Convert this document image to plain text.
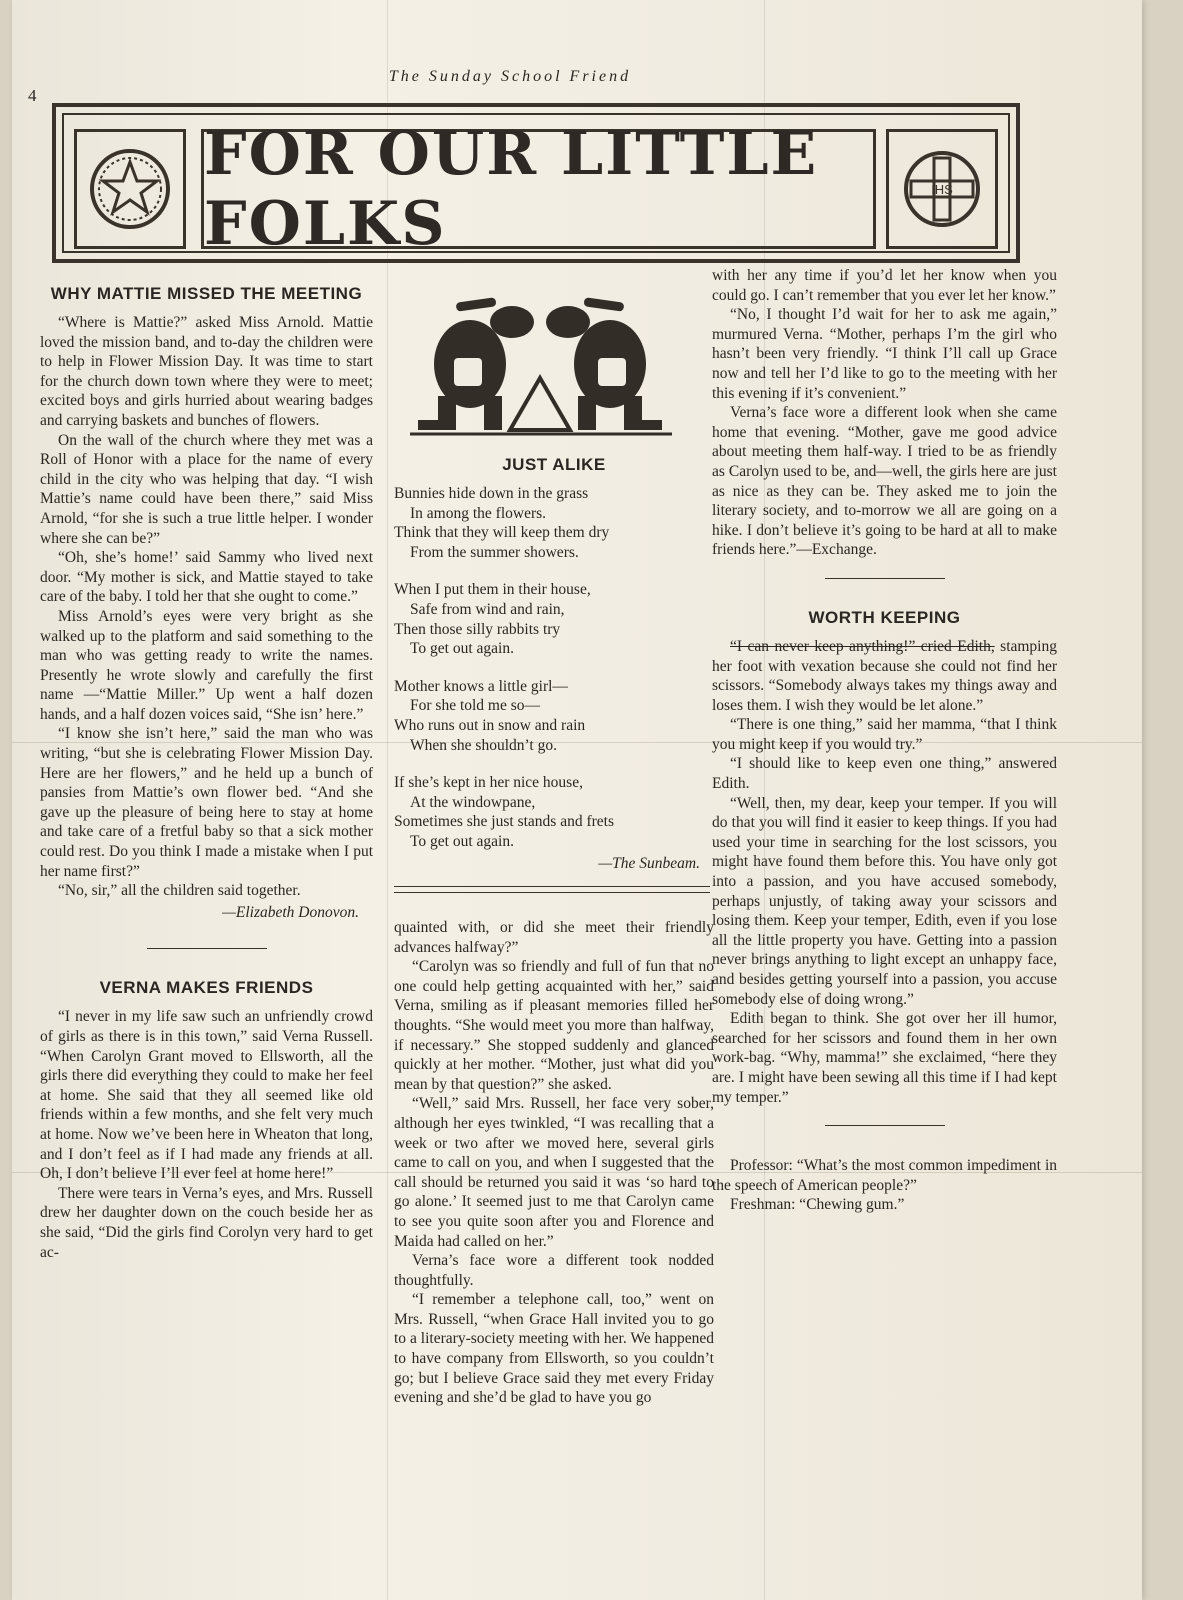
4
The Sunday School Friend
FOR OUR LITTLE FOLKS	IHS
WHY MATTIE MISSED THE MEETING

“Where is Mattie?” asked Miss Arnold. Mattie loved the mission band, and to-day the children were to help in Flower Mission Day. It was time to start for the church down town where they were to meet; excited boys and girls hurried about wearing badges and carrying baskets and bunches of flowers.

On the wall of the church where they met was a Roll of Honor with a place for the name of every child in the city who was helping that day. “I wish Mattie’s name could have been there,” said Miss Arnold, “for she is such a true little helper. I wonder where she can be?”

“Oh, she’s home!’ said Sammy who lived next door. “My mother is sick, and Mattie stayed to take care of the baby. I told her that she ought to come.”

Miss Arnold’s eyes were very bright as she walked up to the platform and said something to the man who was getting ready to write the names. Presently he wrote slowly and carefully the first name —“Mattie Miller.” Up went a half dozen hands, and a half dozen voices said, “She isn’ here.”

“I know she isn’t here,” said the man who was writing, “but she is celebrating Flower Mission Day. Here are her flowers,” and he held up a bunch of pansies from Mattie’s own flower bed. “And she gave up the pleasure of being here to stay at home and take care of a fretful baby so that a sick mother could rest. Do you think I made a mistake when I put her name first?”

“No, sir,” all the children said together.

—Elizabeth Donovon.
VERNA MAKES FRIENDS

“I never in my life saw such an unfriendly crowd of girls as there is in this town,” said Verna Russell. “When Carolyn Grant moved to Ellsworth, all the girls there did everything they could to make her feel at home. She said that they all seemed like old friends within a few months, and she felt very much at home. Now we’ve been here in Wheaton that long, and I don’t feel as if I had made any friends at all. Oh, I don’t believe I’ll ever feel at home here!”

There were tears in Verna’s eyes, and Mrs. Russell drew her daughter down on the couch beside her as she said, “Did the girls find Corolyn very hard to get ac-

JUST ALIKE
Bunnies hide down in the grass
In among the flowers.
Think that they will keep them dry
From the summer showers.
When I put them in their house,
Safe from wind and rain,
Then those silly rabbits try
To get out again.
Mother knows a little girl—
For she told me so—
Who runs out in snow and rain
When she shouldn’t go.
If she’s kept in her nice house,
At the windowpane,
Sometimes she just stands and frets
To get out again.
—The Sunbeam.

quainted with, or did she meet their friendly advances halfway?”

“Carolyn was so friendly and full of fun that no one could help getting acquainted with her,” said Verna, smiling as if pleasant memories filled her thoughts. “She would meet you more than halfway, if necessary.” She stopped suddenly and glanced quickly at her mother. “Mother, just what did you mean by that question?” she asked.

“Well,” said Mrs. Russell, her face very sober, although her eyes twinkled, “I was recalling that a week or two after we moved here, several girls came to call on you, and when I suggested that the call should be returned you said it was ‘so hard to go alone.’ It seemed just to me that Carolyn came to see you quite soon after you and Florence and Maida had called on her.”

Verna’s face wore a different took nodded thoughtfully.

“I remember a telephone call, too,” went on Mrs. Russell, “when Grace Hall invited you to go to a literary-society meeting with her. We happened to have company from Ellsworth, so you couldn’t go; but I believe Grace said they met every Friday evening and she’d be glad to have you go

with her any time if you’d let her know when you could go. I can’t remember that you ever let her know.”

“No, I thought I’d wait for her to ask me again,” murmured Verna. “Mother, perhaps I’m the girl who hasn’t been very friendly. “I think I’ll call up Grace now and tell her I’d like to go to the meeting with her this evening if it’s convenient.”

Verna’s face wore a different look when she came home that evening. “Mother, gave me good advice about meeting them half-way. I tried to be as friendly as Carolyn used to be, and—well, the girls here are just as nice as they can be. They asked me to join the literary society, and to-morrow we all are going on a hike. I don’t believe it’s going to be hard at all to make friends here.”—Exchange.

WORTH KEEPING

“I can never keep anything!” cried Edith, stamping her foot with vexation because she could not find her scissors. “Somebody always takes my things away and loses them. I wish they would be let alone.”

“There is one thing,” said her mamma, “that I think you might keep if you would try.”

“I should like to keep even one thing,” answered Edith.

“Well, then, my dear, keep your temper. If you will do that you will find it easier to keep things. If you had used your time in searching for the lost scissors, you might have found them before this. You have only got into a passion, and you have accused somebody, perhaps unjustly, of taking away your scissors and losing them. Keep your temper, Edith, even if you lose all the little property you have. Getting into a passion never brings anything to light except an unhappy face, and besides getting yourself into a passion, you accuse somebody else of doing wrong.”

Edith began to think. She got over her ill humor, searched for her scissors and found them in her own work-bag. “Why, mamma!” she exclaimed, “here they are. I might have been sewing all this time if I had kept my temper.”

Professor: “What’s the most common impediment in the speech of American people?”

Freshman: “Chewing gum.”
